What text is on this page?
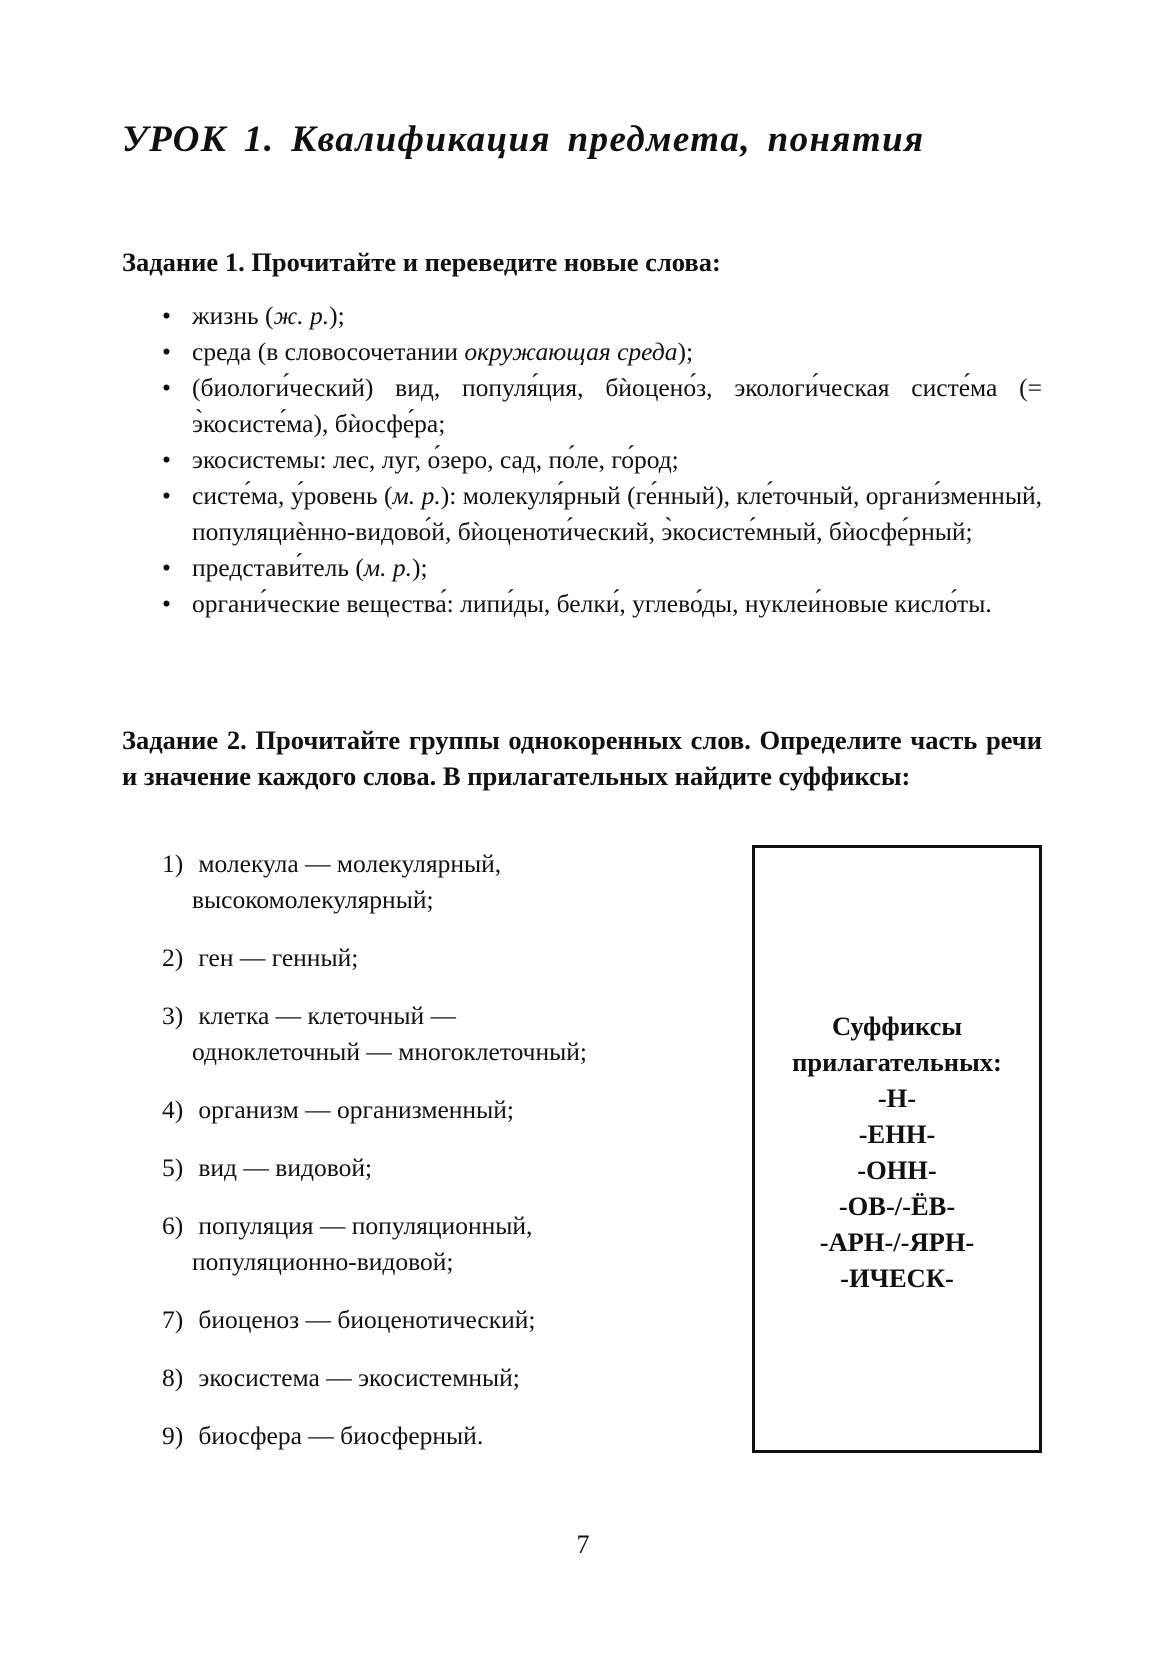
УРОК 1. Квалификация предмета, понятия

Задание 1. Прочитайте и переведите новые слова:

• жизнь (ж. р.);
• среда (в словосочетании окружающая среда);
• (биологи́ческий) вид, популя́ция, бѝоцено́з, экологи́ческая систе́ма (= э̀косисте́ма), бѝосфе́ра;
• экосистемы: лес, луг, о́зеро, сад, по́ле, го́род;
• систе́ма, у́ровень (м. р.): молекуля́рный (ге́нный), кле́точный, органи́зменный, популяциѐнно-видово́й, бѝоценоти́ческий, э̀косисте́мный, бѝосфе́рный;
• представи́тель (м. р.);
• органи́ческие вещества́: липи́ды, белки́, углево́ды, нуклеи́новые кисло́ты.

Задание 2. Прочитайте группы однокоренных слов. Определите часть речи и значение каждого слова. В прилагательных найдите суффиксы:

1) молекула — молекулярный,
высокомолекулярный;
2) ген — генный;
3) клетка — клеточный —
одноклеточный — многоклеточный;
4) организм — организменный;
5) вид — видовой;
6) популяция — популяционный,
популяционно-видовой;
7) биоценоз — биоценотический;
8) экосистема — экосистемный;
9) биосфера — биосферный.
Суффиксы
прилагательных:
-Н-
-ЕНН-
-ОНН-
-ОВ-/-ЁВ-
-АРН-/-ЯРН-
-ИЧЕСК-
7
